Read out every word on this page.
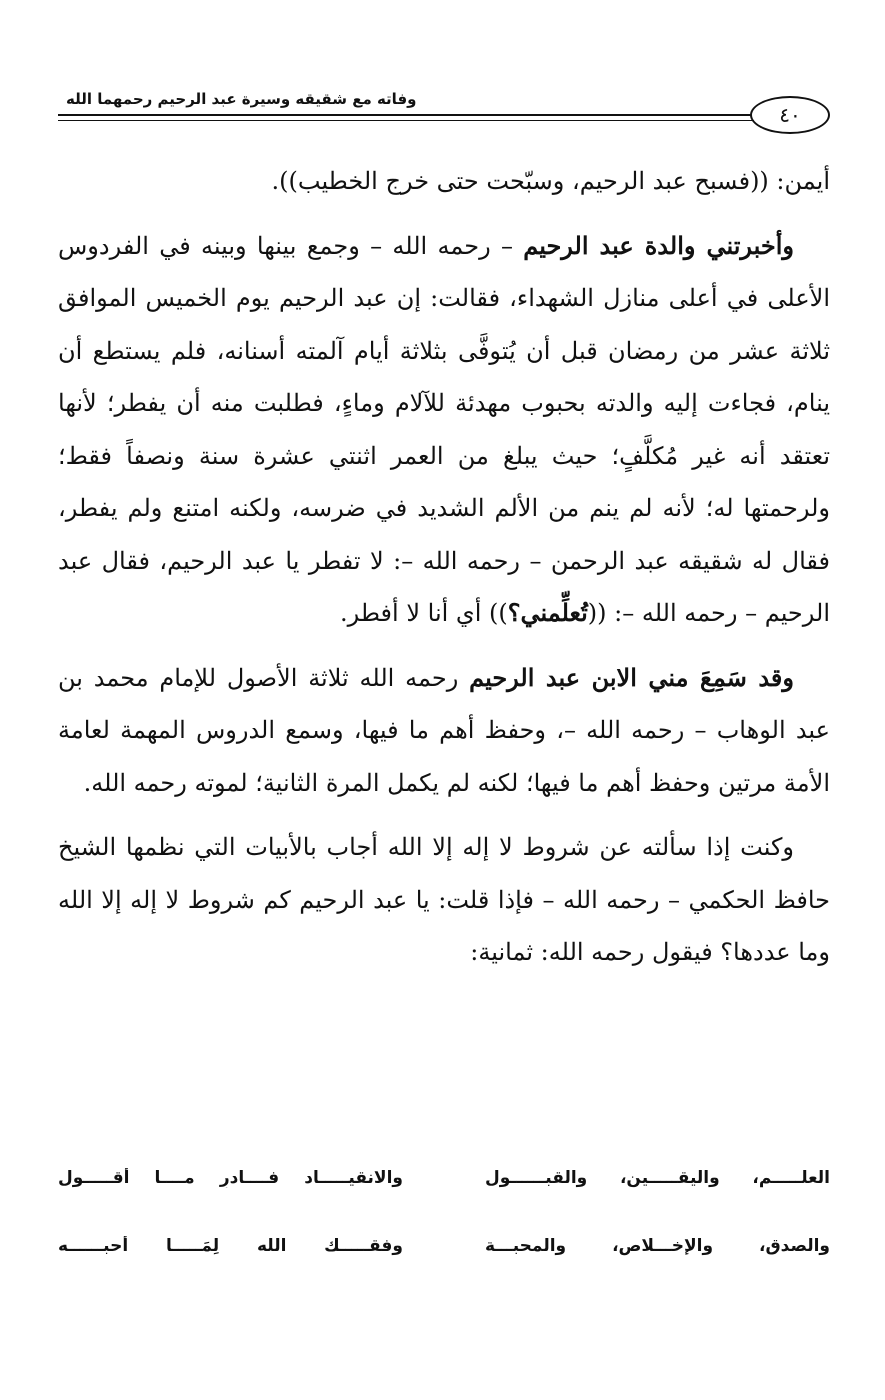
٤٠
وفاته مع شقيقه وسيرة عبد الرحيم رحمهما الله

أيمن: ((فسبح عبد الرحيم، وسبّحت حتى خرج الخطيب)).

وأخبرتني والدة عبد الرحيم – رحمه الله – وجمع بينها وبينه في الفردوس الأعلى في أعلى منازل الشهداء، فقالت: إن عبد الرحيم يوم الخميس الموافق ثلاثة عشر من رمضان قبل أن يُتوفَّى بثلاثة أيام آلمته أسنانه، فلم يستطع أن ينام، فجاءت إليه والدته بحبوب مهدئة للآلام وماءٍ، فطلبت منه أن يفطر؛ لأنها تعتقد أنه غير مُكلَّفٍ؛ حيث يبلغ من العمر اثنتي عشرة سنة ونصفاً فقط؛ ولرحمتها له؛ لأنه لم ينم من الألم الشديد في ضرسه، ولكنه امتنع ولم يفطر، فقال له شقيقه عبد الرحمن – رحمه الله –: لا تفطر يا عبد الرحيم، فقال عبد الرحيم – رحمه الله –: ((تُعلِّمني؟)) أي أنا لا أفطر.

وقد سَمِعَ مني الابن عبد الرحيم رحمه الله ثلاثة الأصول للإمام محمد بن عبد الوهاب – رحمه الله –، وحفظ أهم ما فيها، وسمع الدروس المهمة لعامة الأمة مرتين وحفظ أهم ما فيها؛ لكنه لم يكمل المرة الثانية؛ لموته رحمه الله.

وكنت إذا سألته عن شروط لا إله إلا الله أجاب بالأبيات التي نظمها الشيخ حافظ الحكمي – رحمه الله – فإذا قلت: يا عبد الرحيم كم شروط لا إله إلا الله وما عددها؟ فيقول رحمه الله: ثمانية:

العلـــــم، واليقـــــين، والقبــــــول
والانقيـــــاد فــــادرِ مــــا أقـــــول
والصدق، والإخـــلاص، والمحبـــة
وفقـــــك الله لِمَـــــا أحبــــــه
